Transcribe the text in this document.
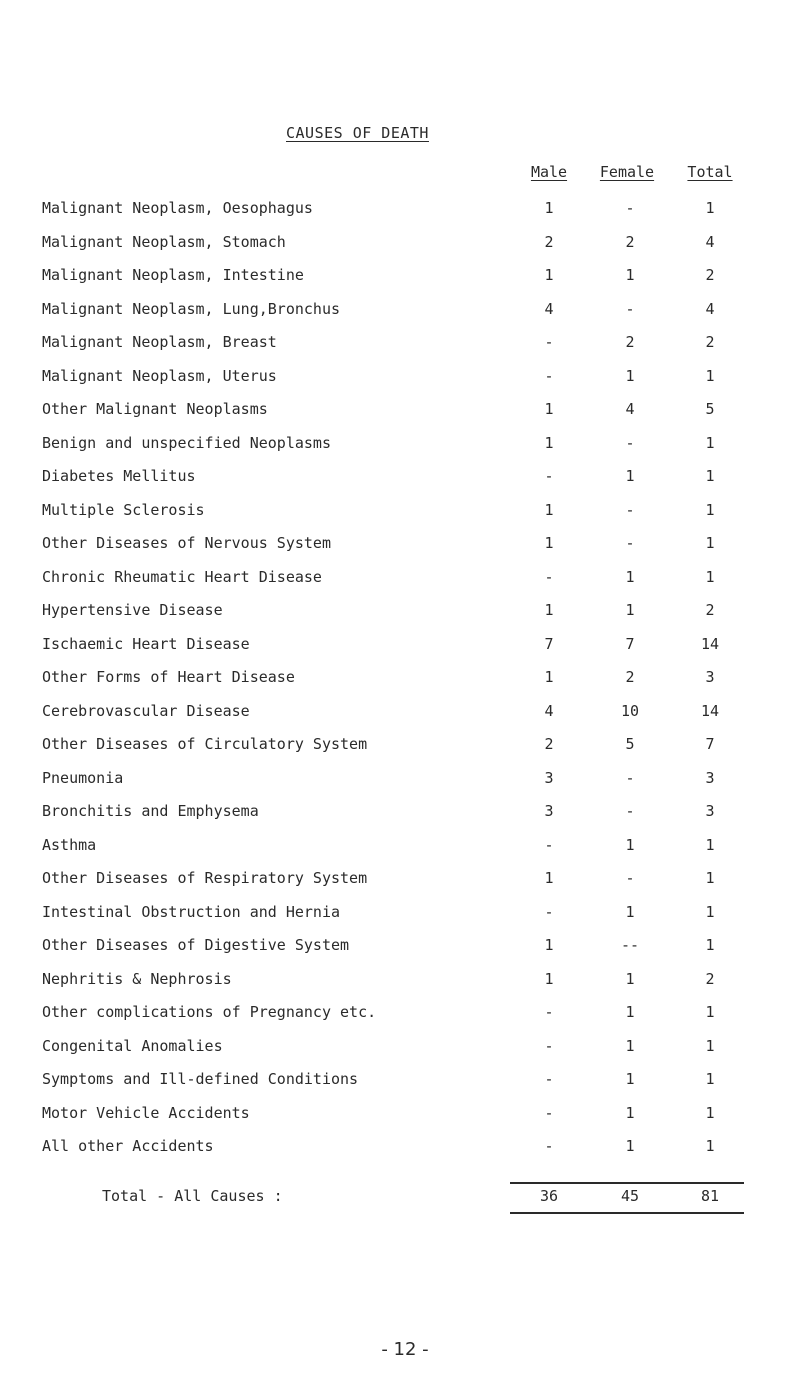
CAUSES OF DEATH
Male	Female	Total
Malignant Neoplasm, Oesophagus	1	-	1
Malignant Neoplasm, Stomach	2	2	4
Malignant Neoplasm, Intestine	1	1	2
Malignant Neoplasm, Lung,Bronchus	4	-	4
Malignant Neoplasm, Breast	-	2	2
Malignant Neoplasm, Uterus	-	1	1
Other Malignant Neoplasms	1	4	5
Benign and unspecified Neoplasms	1	-	1
Diabetes Mellitus	-	1	1
Multiple Sclerosis	1	-	1
Other Diseases of Nervous System	1	-	1
Chronic Rheumatic Heart Disease	-	1	1
Hypertensive Disease	1	1	2
Ischaemic Heart Disease	7	7	14
Other Forms of Heart Disease	1	2	3
Cerebrovascular Disease	4	10	14
Other Diseases of Circulatory System	2	5	7
Pneumonia	3	-	3
Bronchitis and Emphysema	3	-	3
Asthma	-	1	1
Other Diseases of Respiratory System	1	-	1
Intestinal Obstruction and Hernia	-	1	1
Other Diseases of Digestive System	1	--	1
Nephritis & Nephrosis	1	1	2
Other complications of Pregnancy etc.	-	1	1
Congenital Anomalies	-	1	1
Symptoms and Ill-defined Conditions	-	1	1
Motor Vehicle Accidents	-	1	1
All other Accidents	-	1	1
Total - All Causes :	36	45	81
- 12 -
